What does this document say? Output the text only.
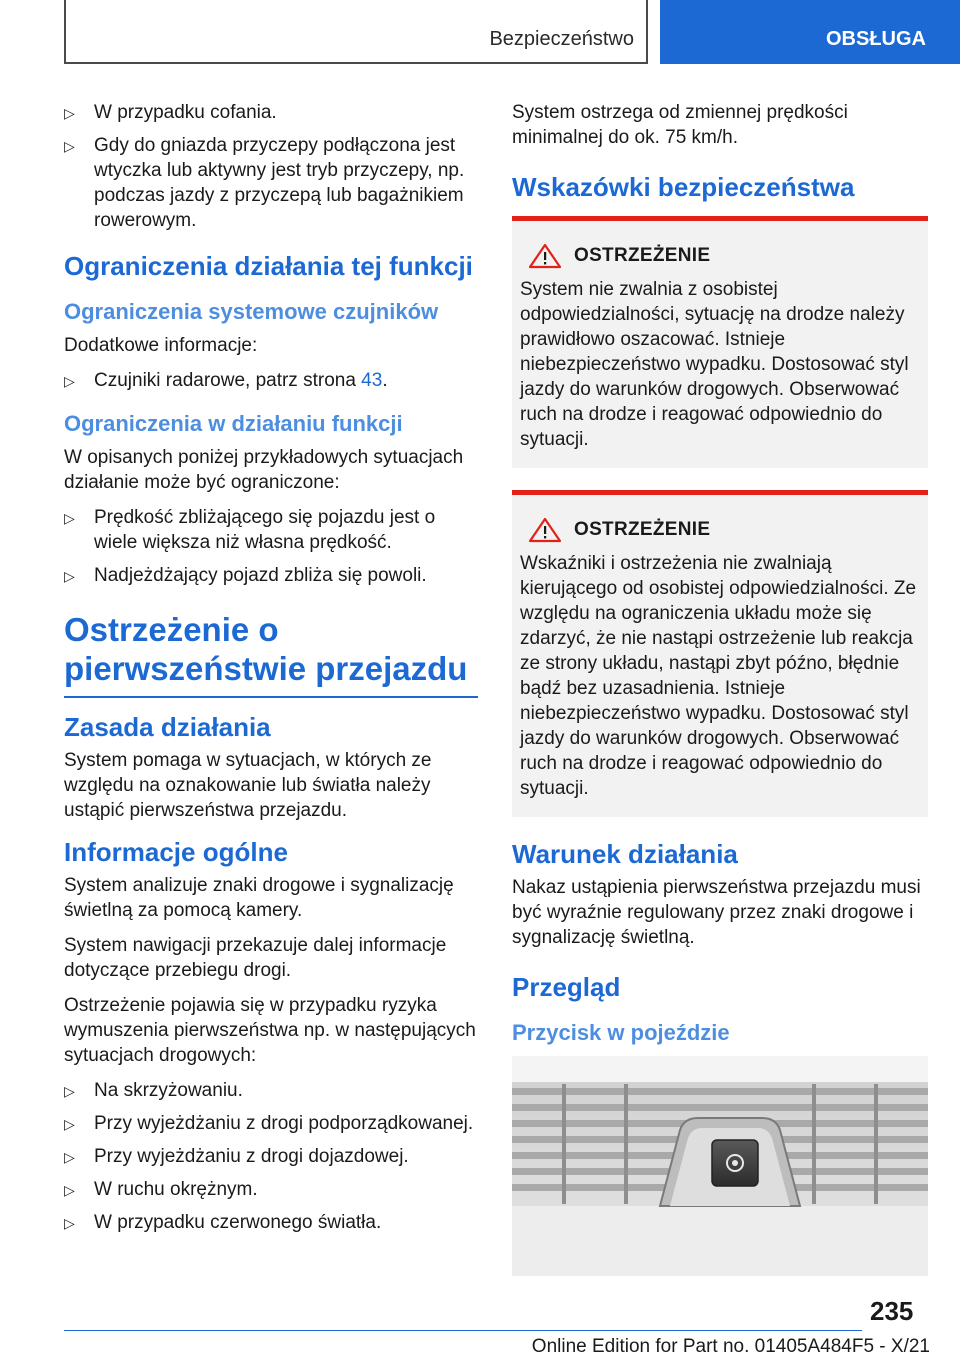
Bezpieczeństwo	OBSŁUGA
▷ W przypadku cofania.
▷ Gdy do gniazda przyczepy podłączona jest wtyczka lub aktywny jest tryb przyczepy, np. podczas jazdy z przyczepą lub bagażnikiem rowerowym.
Ograniczenia działania tej funkcji
Ograniczenia systemowe czujników

Dodatkowe informacje:

▷ Czujniki radarowe, patrz strona 43.
Ograniczenia w działaniu funkcji

W opisanych poniżej przykładowych sytuacjach działanie może być ograniczone:

▷ Prędkość zbliżającego się pojazdu jest o wiele większa niż własna prędkość.
▷ Nadjeżdżający pojazd zbliża się powoli.
Ostrzeżenie o pierwszeństwie przejazdu
Zasada działania

System pomaga w sytuacjach, w których ze względu na oznakowanie lub światła należy ustąpić pierwszeństwa przejazdu.

Informacje ogólne

System analizuje znaki drogowe i sygnalizację świetlną za pomocą kamery.

System nawigacji przekazuje dalej informacje dotyczące przebiegu drogi.

Ostrzeżenie pojawia się w przypadku ryzyka wymuszenia pierwszeństwa np. w następujących sytuacjach drogowych:

▷ Na skrzyżowaniu.
▷ Przy wyjeżdżaniu z drogi podporządkowanej.
▷ Przy wyjeżdżaniu z drogi dojazdowej.
▷ W ruchu okrężnym.
▷ W przypadku czerwonego światła.

System ostrzega od zmiennej prędkości minimalnej do ok. 75 km/h.

Wskazówki bezpieczeństwa
OSTRZEŻENIE

System nie zwalnia z osobistej odpowiedzialności, sytuację na drodze należy prawidłowo oszacować. Istnieje niebezpieczeństwo wypadku. Dostosować styl jazdy do warunków drogowych. Obserwować ruch na drodze i reagować odpowiednio do sytuacji.

OSTRZEŻENIE

Wskaźniki i ostrzeżenia nie zwalniają kierującego od osobistej odpowiedzialności. Ze względu na ograniczenia układu może się zdarzyć, że nie nastąpi ostrzeżenie lub reakcja ze strony układu, nastąpi zbyt późno, błędnie bądź bez uzasadnienia. Istnieje niebezpieczeństwo wypadku. Dostosować styl jazdy do warunków drogowych. Obserwować ruch na drodze i reagować odpowiednio do sytuacji.

Warunek działania

Nakaz ustąpienia pierwszeństwa przejazdu musi być wyraźnie regulowany przez znaki drogowe i sygnalizację świetlną.

Przegląd
Przycisk w pojeździe
235
Online Edition for Part no. 01405A484F5 - X/21
